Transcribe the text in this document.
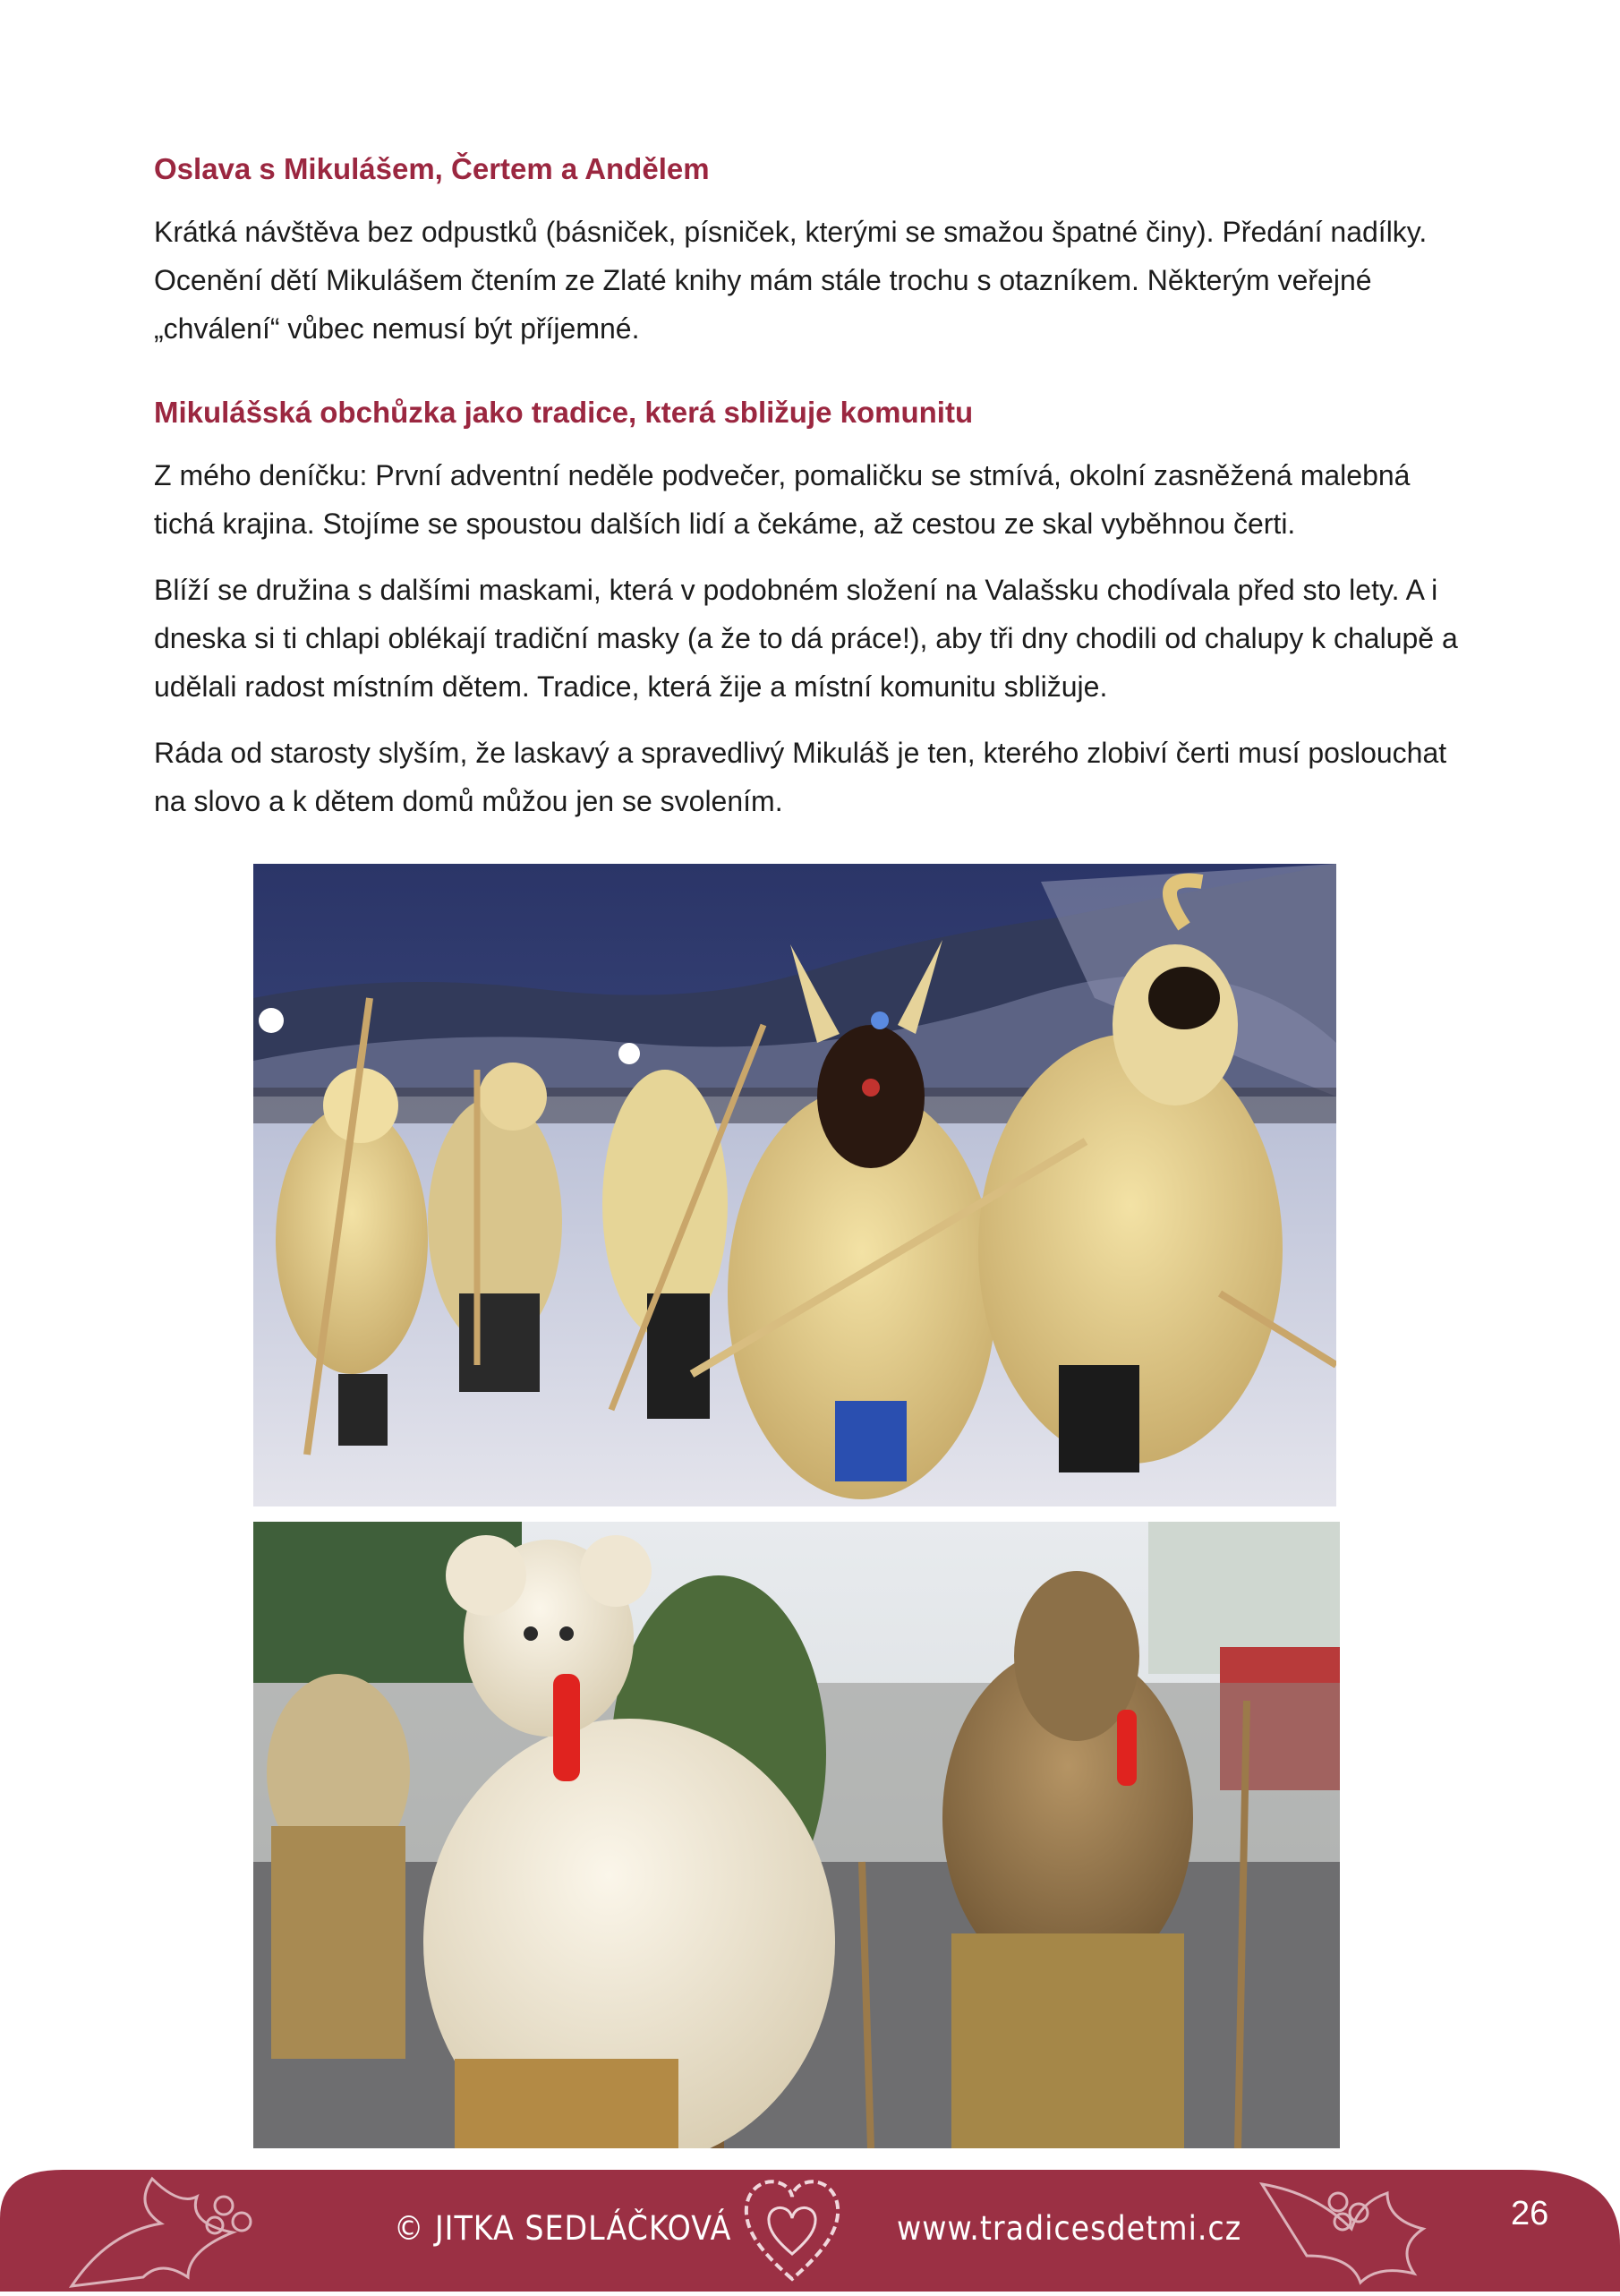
Oslava s Mikulášem, Čertem a Andělem

Krátká návštěva bez odpustků (básniček, písniček, kterými se smažou špatné činy). Předání nadílky. Ocenění dětí Mikulášem čtením ze Zlaté knihy mám stále trochu s otazníkem. Některým veřejné „chválení“ vůbec nemusí být příjemné.

Mikulášská obchůzka jako tradice, která sbližuje komunitu

Z mého deníčku: První adventní neděle podvečer, pomaličku se stmívá, okolní zasněžená malebná tichá krajina. Stojíme se spoustou dalších lidí a čekáme, až cestou ze skal vyběhnou čerti.

Blíží se družina s dalšími maskami, která v podobném složení na Valašsku chodívala před sto lety. A i dneska si ti chlapi oblékají tradiční masky (a že to dá práce!), aby tři dny chodili od chalupy k chalupě a udělali radost místním dětem. Tradice, která žije a místní komunitu sbližuje.

Ráda od starosty slyším, že laskavý a spravedlivý Mikuláš je ten, kterého zlobiví čerti musí poslouchat na slovo a k dětem domů můžou jen se svolením.

© JITKA SEDLÁČKOVÁ	www.tradicesdetmi.cz	26
